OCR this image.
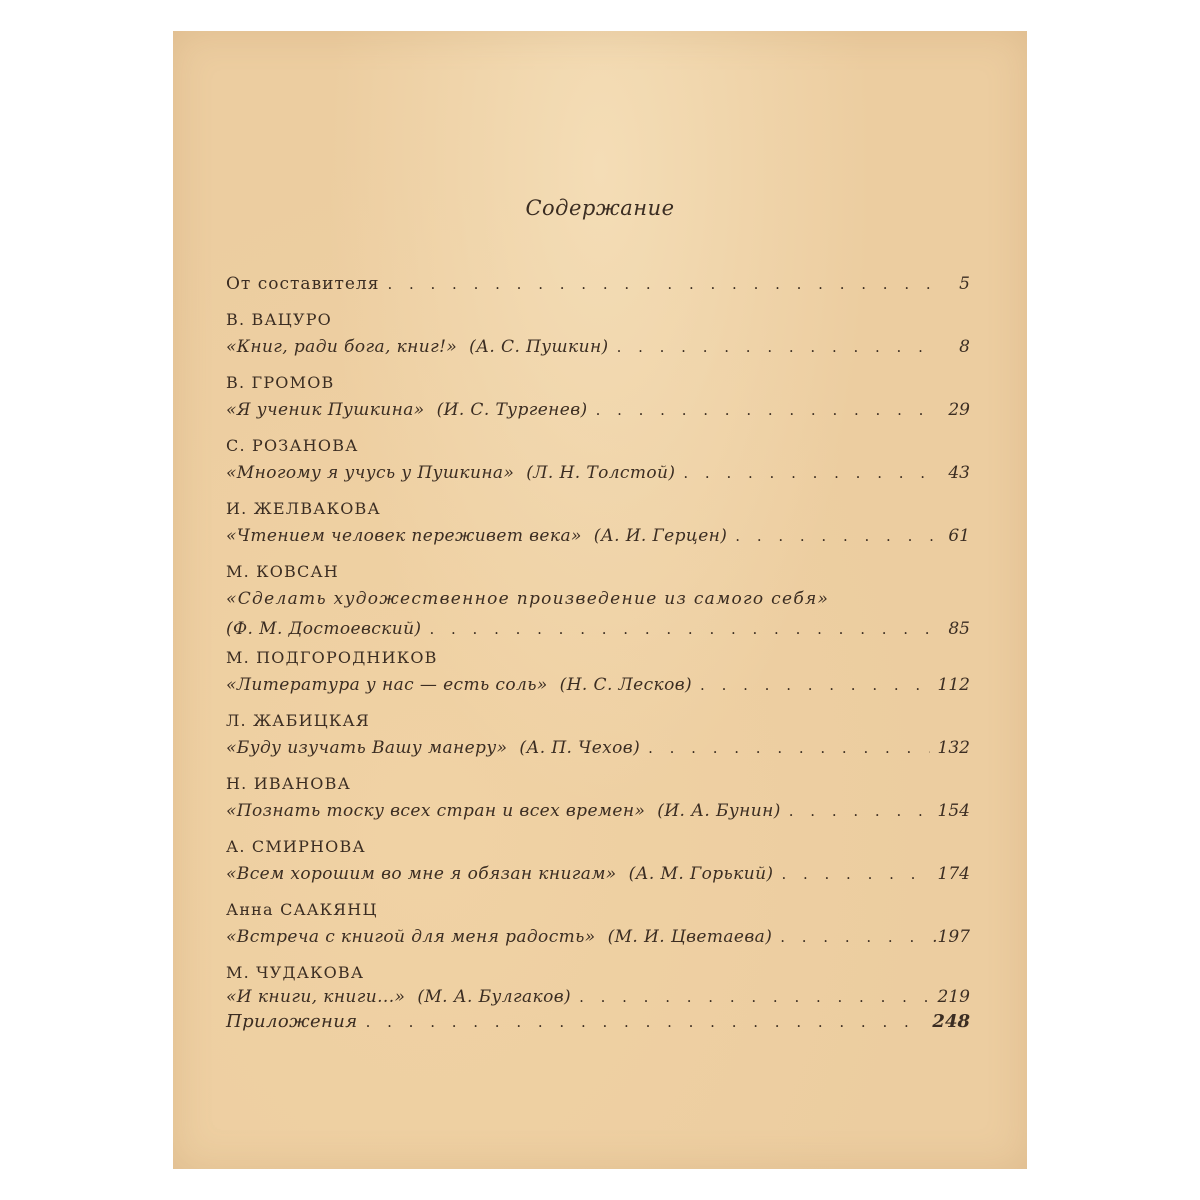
Содержание
От составителя . . .	5
В. ВАЦУРО
«Книг, ради бога, книг!» (А. С. Пушкин) . . .	8
В. ГРОМОВ
«Я ученик Пушкина» (И. С. Тургенев) . . .	29
С. РОЗАНОВА
«Многому я учусь у Пушкина» (Л. Н. Толстой) . . .	43
И. ЖЕЛВАКОВА
«Чтением человек переживет века» (А. И. Герцен) . . .	61
М. КОВСАН
«Сделать художественное произведение из самого себя»
(Ф. М. Достоевский) . . .	85
М. ПОДГОРОДНИКОВ
«Литература у нас — есть соль» (Н. С. Лесков) . . .	112
Л. ЖАБИЦКАЯ
«Буду изучать Вашу манеру» (А. П. Чехов) . . .	132
Н. ИВАНОВА
«Познать тоску всех стран и всех времен» (И. А. Бунин) . . .	154
А. СМИРНОВА
«Всем хорошим во мне я обязан книгам» (А. М. Горький) . . .	174
Анна САAКЯНЦ
«Встреча с книгой для меня радость» (М. И. Цветаева) . . .	.197
М. ЧУДАКОВА
«И книги, книги...» (М. А. Булгаков) . . .	219
Приложения . . .	248
